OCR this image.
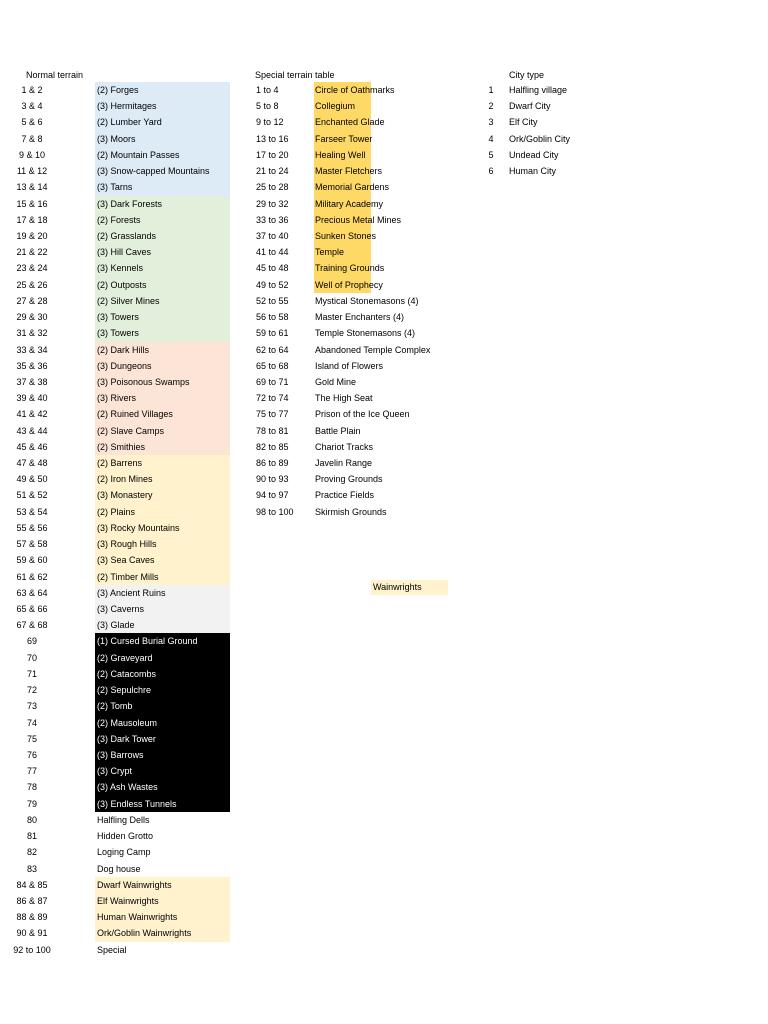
Normal terrain	Special terrain table	City type
1 & 2	(2) Forges
3 & 4	(3) Hermitages
5 & 6	(2) Lumber Yard
7 & 8	(3) Moors
9 & 10	(2) Mountain Passes
11 & 12	(3) Snow-capped Mountains
13 & 14	(3) Tarns
15 & 16	(3) Dark Forests
17 & 18	(2) Forests
19 & 20	(2) Grasslands
21 & 22	(3) Hill Caves
23 & 24	(3) Kennels
25 & 26	(2) Outposts
27 & 28	(2) Silver Mines
29 & 30	(3) Towers
31 & 32	(3) Towers
33 & 34	(2) Dark Hills
35 & 36	(3) Dungeons
37 & 38	(3) Poisonous Swamps
39 & 40	(3) Rivers
41 & 42	(2) Ruined Villages
43 & 44	(2) Slave Camps
45 & 46	(2) Smithies
47 & 48	(2) Barrens
49 & 50	(2) Iron Mines
51 & 52	(3) Monastery
53 & 54	(2) Plains
55 & 56	(3) Rocky Mountains
57 & 58	(3) Rough Hills
59 & 60	(3) Sea Caves
61 & 62	(2) Timber Mills
63 & 64	(3) Ancient Ruins
65 & 66	(3) Caverns
67 & 68	(3) Glade
69	(1) Cursed Burial Ground
70	(2) Graveyard
71	(2) Catacombs
72	(2) Sepulchre
73	(2) Tomb
74	(2) Mausoleum
75	(3) Dark Tower
76	(3) Barrows
77	(3) Crypt
78	(3) Ash Wastes
79	(3) Endless Tunnels
80	Halfling Dells
81	Hidden Grotto
82	Loging Camp
83	Dog house
84 & 85	Dwarf Wainwrights
86 & 87	Elf Wainwrights
88 & 89	Human Wainwrights
90 & 91	Ork/Goblin Wainwrights
92 to 100	Special
1 to 4	Circle of Oathmarks
5 to 8	Collegium
9 to 12	Enchanted Glade
13 to 16	Farseer Tower
17 to 20	Healing Well
21 to 24	Master Fletchers
25 to 28	Memorial Gardens
29 to 32	Military Academy
33 to 36	Precious Metal Mines
37 to 40	Sunken Stones
41 to 44	Temple
45 to 48	Training Grounds
49 to 52	Well of Prophecy
52 to 55	Mystical Stonemasons (4)
56 to 58	Master Enchanters (4)
59 to 61	Temple Stonemasons (4)
62 to 64	Abandoned Temple Complex
65 to 68	Island of Flowers
69 to 71	Gold Mine
72 to 74	The High Seat
75 to 77	Prison of the Ice Queen
78 to 81	Battle Plain
82 to 85	Chariot Tracks
86 to 89	Javelin Range
90 to 93	Proving Grounds
94 to 97	Practice Fields
98 to 100	Skirmish Grounds
1	Halfling village
2	Dwarf City
3	Elf City
4	Ork/Goblin City
5	Undead City
6	Human City
Wainwrights
